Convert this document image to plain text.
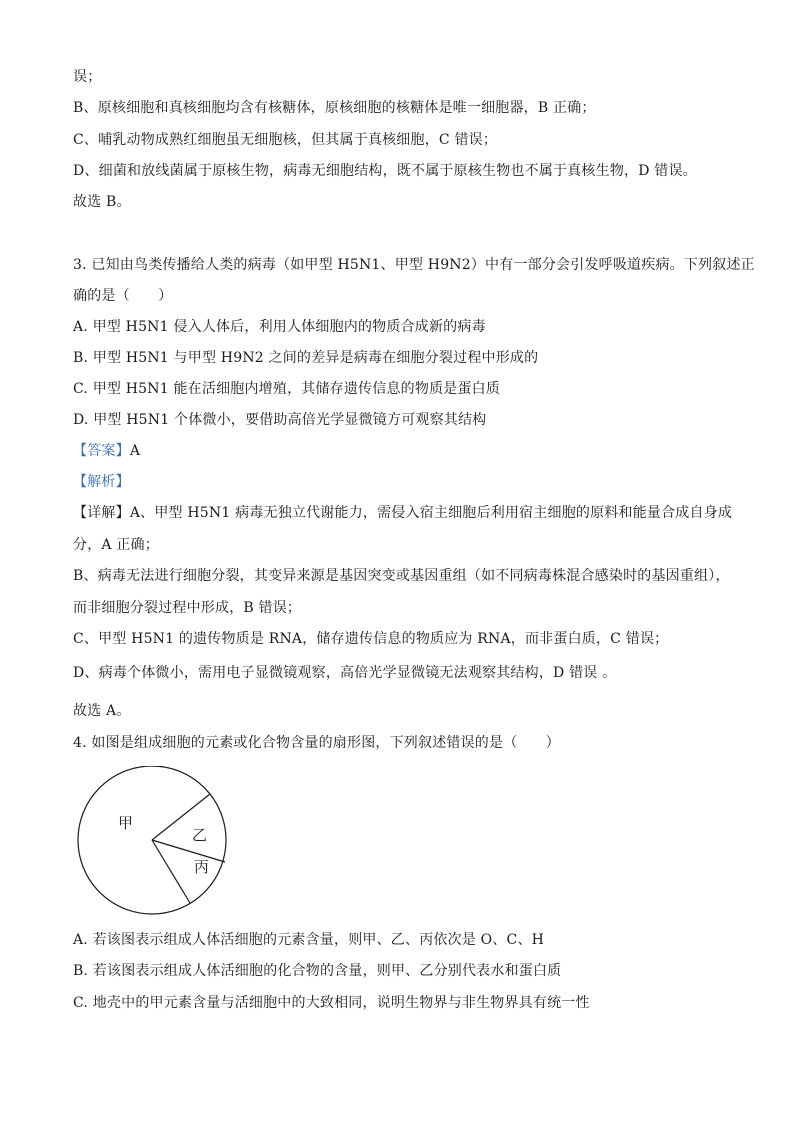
误；
B、原核细胞和真核细胞均含有核糖体，原核细胞的核糖体是唯一细胞器，B 正确；
C、哺乳动物成熟红细胞虽无细胞核，但其属于真核细胞，C 错误；
D、细菌和放线菌属于原核生物，病毒无细胞结构，既不属于原核生物也不属于真核生物，D 错误。
故选 B。
3. 已知由鸟类传播给人类的病毒（如甲型 H5N1、甲型 H9N2）中有一部分会引发呼吸道疾病。下列叙述正
确的是（　　）
A. 甲型 H5N1 侵入人体后，利用人体细胞内的物质合成新的病毒
B. 甲型 H5N1 与甲型 H9N2 之间的差异是病毒在细胞分裂过程中形成的
C. 甲型 H5N1 能在活细胞内增殖，其储存遗传信息的物质是蛋白质
D. 甲型 H5N1 个体微小，要借助高倍光学显微镜方可观察其结构
【答案】A
【解析】
【详解】A、甲型 H5N1 病毒无独立代谢能力，需侵入宿主细胞后利用宿主细胞的原料和能量合成自身成
分，A 正确；
B、病毒无法进行细胞分裂，其变异来源是基因突变或基因重组（如不同病毒株混合感染时的基因重组），
而非细胞分裂过程中形成，B 错误；
C、甲型 H5N1 的遗传物质是 RNA，储存遗传信息的物质应为 RNA，而非蛋白质，C 错误；
D、病毒个体微小，需用电子显微镜观察，高倍光学显微镜无法观察其结构，D 错误 。
故选 A。
4. 如图是组成细胞的元素或化合物含量的扇形图，下列叙述错误的是（　　）
甲
乙
丙
A. 若该图表示组成人体活细胞的元素含量，则甲、乙、丙依次是 O、C、H
B. 若该图表示组成人体活细胞的化合物的含量，则甲、乙分别代表水和蛋白质
C. 地壳中的甲元素含量与活细胞中的大致相同，说明生物界与非生物界具有统一性
